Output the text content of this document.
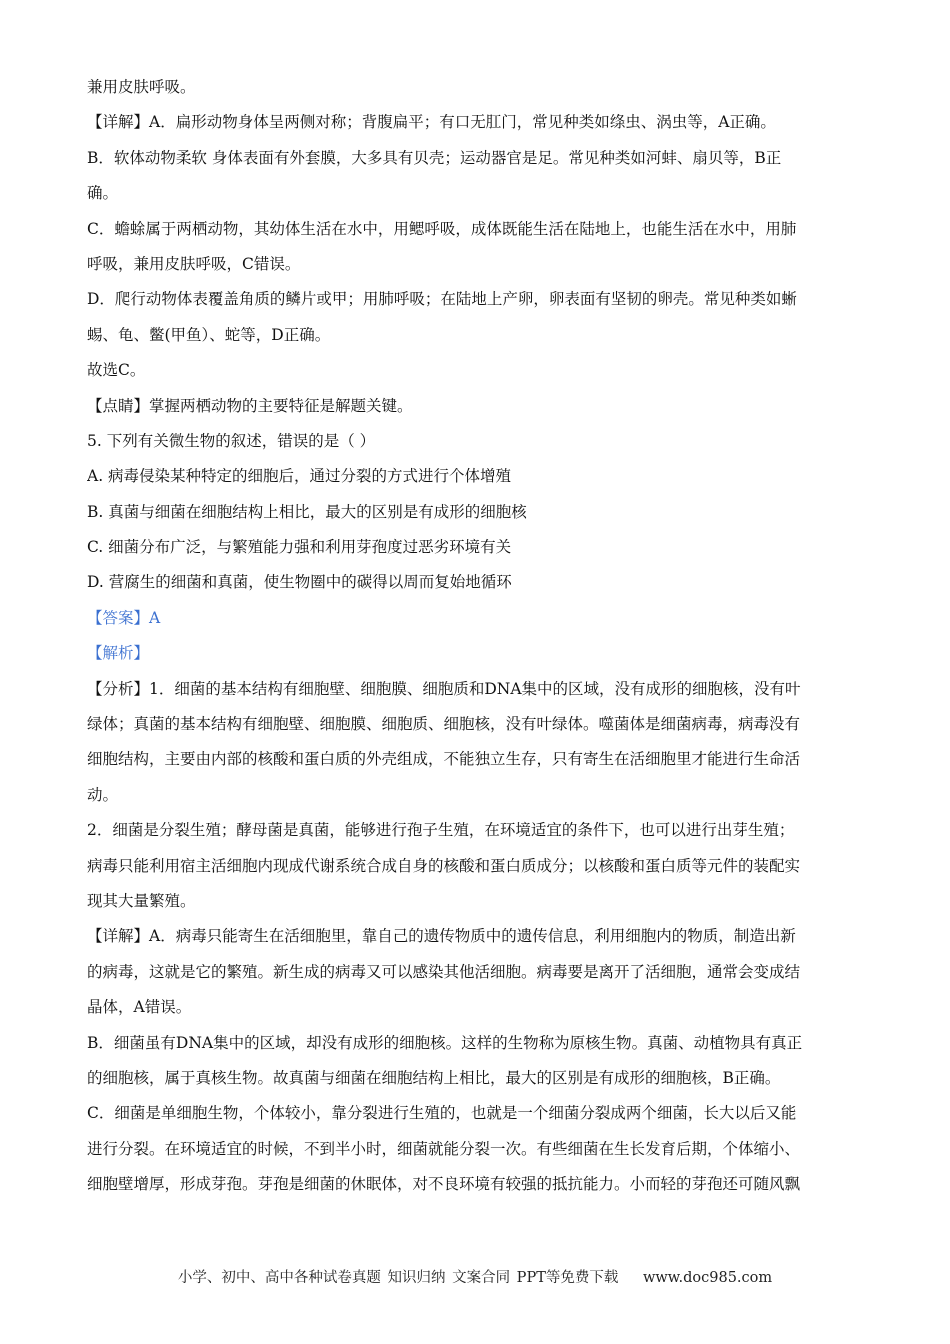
兼用皮肤呼吸。
【详解】A．扁形动物身体呈两侧对称；背腹扁平；有口无肛门，常见种类如绦虫、涡虫等，A正确。
B．软体动物柔软 身体表面有外套膜，大多具有贝壳；运动器官是足。常见种类如河蚌、扇贝等，B正
确。
C．蟾蜍属于两栖动物，其幼体生活在水中，用鳃呼吸，成体既能生活在陆地上，也能生活在水中，用肺
呼吸，兼用皮肤呼吸，C错误。
D．爬行动物体表覆盖角质的鳞片或甲；用肺呼吸；在陆地上产卵，卵表面有坚韧的卵壳。常见种类如蜥
蜴、龟、鳖(甲鱼）、蛇等，D正确。
故选C。
【点睛】掌握两栖动物的主要特征是解题关键。
5. 下列有关微生物的叙述，错误的是（ ）
A. 病毒侵染某种特定的细胞后，通过分裂的方式进行个体增殖
B. 真菌与细菌在细胞结构上相比，最大的区别是有成形的细胞核
C. 细菌分布广泛，与繁殖能力强和利用芽孢度过恶劣环境有关
D. 营腐生的细菌和真菌，使生物圈中的碳得以周而复始地循环
【答案】A
【解析】
【分析】1．细菌的基本结构有细胞壁、细胞膜、细胞质和DNA集中的区域，没有成形的细胞核，没有叶
绿体；真菌的基本结构有细胞壁、细胞膜、细胞质、细胞核，没有叶绿体。噬菌体是细菌病毒，病毒没有
细胞结构，主要由内部的核酸和蛋白质的外壳组成，不能独立生存，只有寄生在活细胞里才能进行生命活
动。
2．细菌是分裂生殖；酵母菌是真菌，能够进行孢子生殖，在环境适宜的条件下，也可以进行出芽生殖；
病毒只能利用宿主活细胞内现成代谢系统合成自身的核酸和蛋白质成分；以核酸和蛋白质等元件的装配实
现其大量繁殖。
【详解】A．病毒只能寄生在活细胞里，靠自己的遗传物质中的遗传信息，利用细胞内的物质，制造出新
的病毒，这就是它的繁殖。新生成的病毒又可以感染其他活细胞。病毒要是离开了活细胞，通常会变成结
晶体，A错误。
B．细菌虽有DNA集中的区域，却没有成形的细胞核。这样的生物称为原核生物。真菌、动植物具有真正
的细胞核，属于真核生物。故真菌与细菌在细胞结构上相比，最大的区别是有成形的细胞核，B正确。
C．细菌是单细胞生物，个体较小，靠分裂进行生殖的，也就是一个细菌分裂成两个细菌，长大以后又能
进行分裂。在环境适宜的时候，不到半小时，细菌就能分裂一次。有些细菌在生长发育后期，个体缩小、
细胞壁增厚，形成芽孢。芽孢是细菌的休眠体，对不良环境有较强的抵抗能力。小而轻的芽孢还可随风飘
小学、初中、高中各种试卷真题 知识归纳 文案合同 PPT等免费下载 www.doc985.com
